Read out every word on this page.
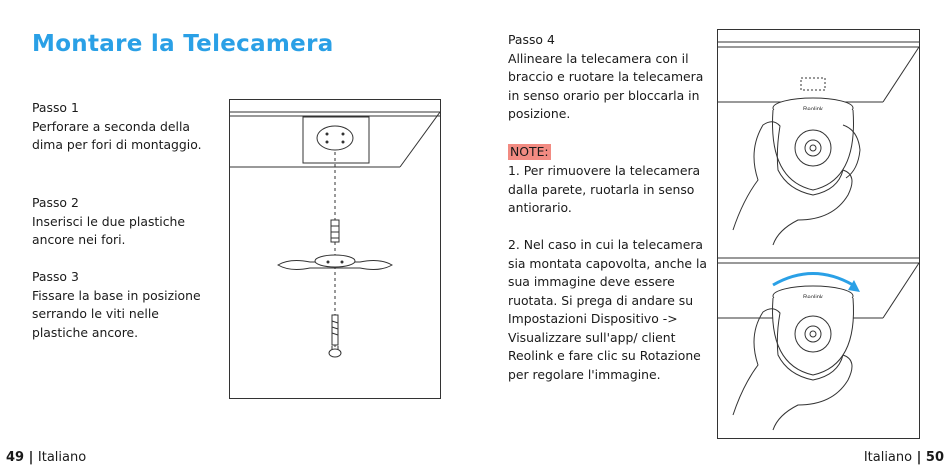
Montare la Telecamera
Passo 1
Perforare a seconda della dima per fori di montaggio.
Passo 2
Inserisci le due plastiche ancore nei fori.
Passo 3
Fissare la base in posizione serrando le viti nelle plastiche ancore.
Passo 4
Allineare la telecamera con il braccio e ruotare la telecamera in senso orario per bloccarla in posizione.
NOTE:
1. Per rimuovere la telecamera dalla parete, ruotarla in senso antiorario.
2. Nel caso in cui la telecamera sia montata capovolta, anche la sua immagine deve essere ruotata. Si prega di andare su Impostazioni Dispositivo -> Visualizzare sull'app/ client Reolink e fare clic su Rotazione per regolare l'immagine.
49 | Italiano	Italiano | 50
